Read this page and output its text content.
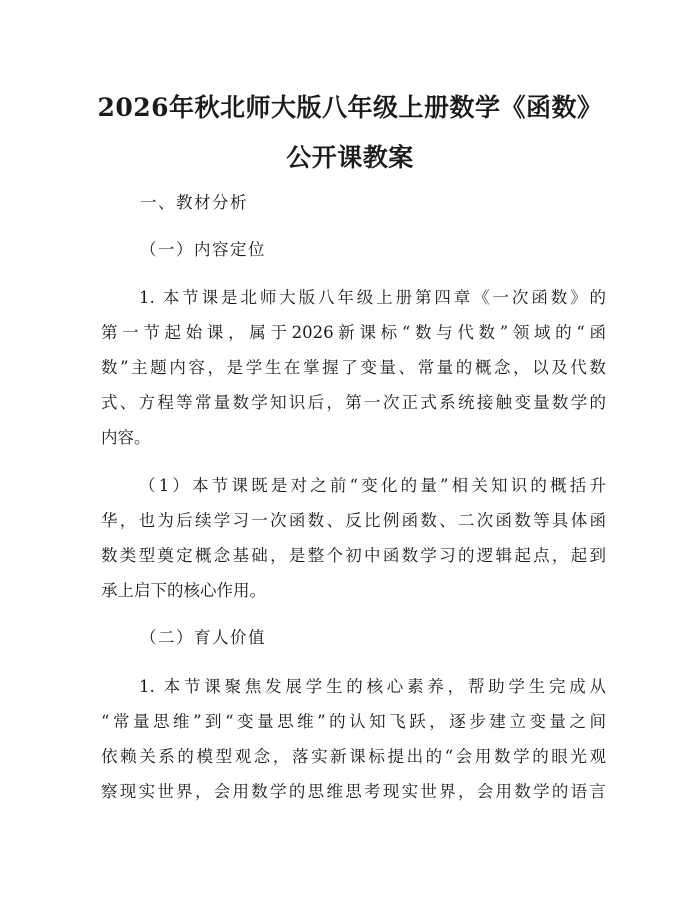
2026年秋北师大版八年级上册数学《函数》
公开课教案
一、教材分析
（一）内容定位
1. 本节课是北师大版八年级上册第四章《一次函数》的
第一节起始课，属于2026新课标“数与代数”领域的“函
数”主题内容，是学生在掌握了变量、常量的概念，以及代数
式、方程等常量数学知识后，第一次正式系统接触变量数学的
内容。
（1）本节课既是对之前“变化的量”相关知识的概括升
华，也为后续学习一次函数、反比例函数、二次函数等具体函
数类型奠定概念基础，是整个初中函数学习的逻辑起点，起到
承上启下的核心作用。
（二）育人价值
1. 本节课聚焦发展学生的核心素养，帮助学生完成从
“常量思维”到“变量思维”的认知飞跃，逐步建立变量之间
依赖关系的模型观念，落实新课标提出的“会用数学的眼光观
察现实世界，会用数学的思维思考现实世界，会用数学的语言
